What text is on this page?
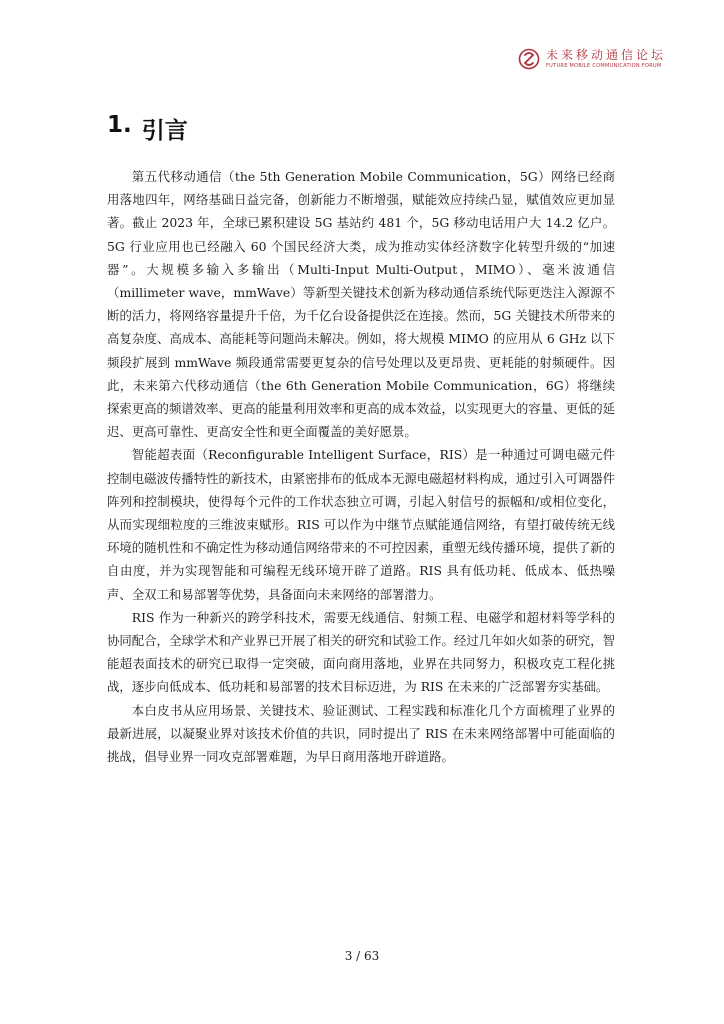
未来移动通信论坛
FUTURE MOBILE COMMUNICATION FORUM
1. 引言

第五代移动通信（the 5th Generation Mobile Communication，5G）网络已经商用落地四年，网络基础日益完备，创新能力不断增强，赋能效应持续凸显，赋值效应更加显著。截止 2023 年，全球已累积建设 5G 基站约 481 个，5G 移动电话用户大 14.2 亿户。5G 行业应用也已经融入 60 个国民经济大类，成为推动实体经济数字化转型升级的“加速器”。大规模多输入多输出（Multi-Input Multi-Output，MIMO）、毫米波通信（millimeter wave，mmWave）等新型关键技术创新为移动通信系统代际更迭注入源源不断的活力，将网络容量提升千倍，为千亿台设备提供泛在连接。然而，5G 关键技术所带来的高复杂度、高成本、高能耗等问题尚未解决。例如，将大规模 MIMO 的应用从 6 GHz 以下频段扩展到 mmWave 频段通常需要更复杂的信号处理以及更昂贵、更耗能的射频硬件。因此，未来第六代移动通信（the 6th Generation Mobile Communication，6G）将继续探索更高的频谱效率、更高的能量利用效率和更高的成本效益，以实现更大的容量、更低的延迟、更高可靠性、更高安全性和更全面覆盖的美好愿景。

智能超表面（Reconfigurable Intelligent Surface，RIS）是一种通过可调电磁元件控制电磁波传播特性的新技术，由紧密排布的低成本无源电磁超材料构成，通过引入可调器件阵列和控制模块，使得每个元件的工作状态独立可调，引起入射信号的振幅和/或相位变化，从而实现细粒度的三维波束赋形。RIS 可以作为中继节点赋能通信网络，有望打破传统无线环境的随机性和不确定性为移动通信网络带来的不可控因素，重塑无线传播环境，提供了新的自由度，并为实现智能和可编程无线环境开辟了道路。RIS 具有低功耗、低成本、低热噪声、全双工和易部署等优势，具备面向未来网络的部署潜力。

RIS 作为一种新兴的跨学科技术，需要无线通信、射频工程、电磁学和超材料等学科的协同配合，全球学术和产业界已开展了相关的研究和试验工作。经过几年如火如荼的研究，智能超表面技术的研究已取得一定突破，面向商用落地，业界在共同努力，积极攻克工程化挑战，逐步向低成本、低功耗和易部署的技术目标迈进，为 RIS 在未来的广泛部署夯实基础。

本白皮书从应用场景、关键技术、验证测试、工程实践和标准化几个方面梳理了业界的最新进展，以凝聚业界对该技术价值的共识，同时提出了 RIS 在未来网络部署中可能面临的挑战，倡导业界一同攻克部署难题，为早日商用落地开辟道路。

3 / 63
